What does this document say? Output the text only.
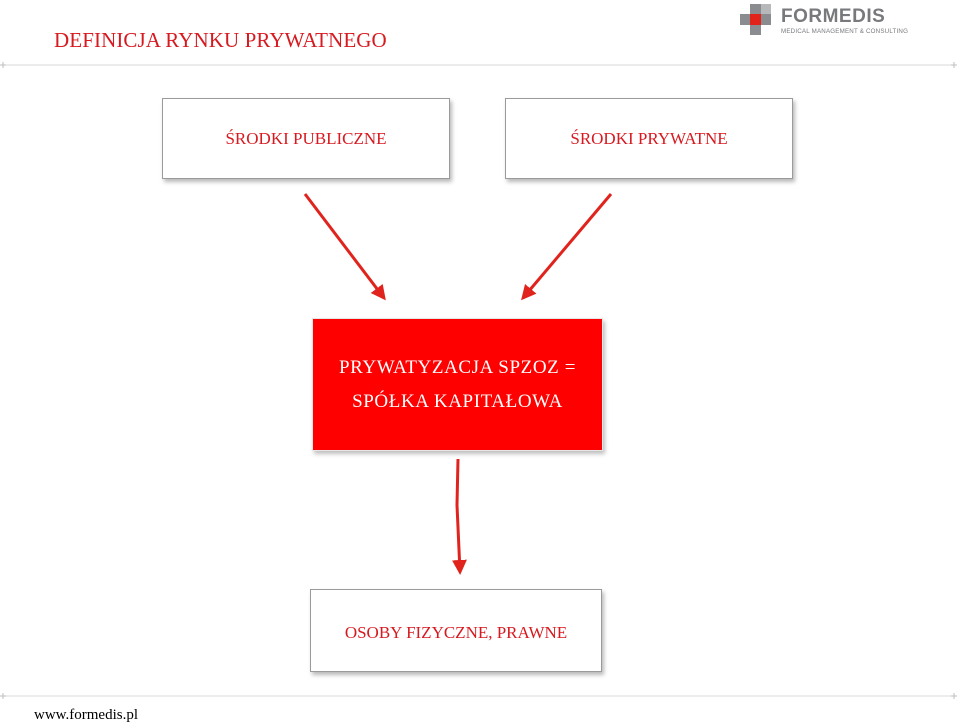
DEFINICJA RYNKU PRYWATNEGO
FORMEDIS
MEDICAL MANAGEMENT & CONSULTING
ŚRODKI PUBLICZNE	ŚRODKI PRYWATNE
PRYWATYZACJA SPZOZ =
SPÓŁKA KAPITAŁOWA
OSOBY FIZYCZNE, PRAWNE
www.formedis.pl
